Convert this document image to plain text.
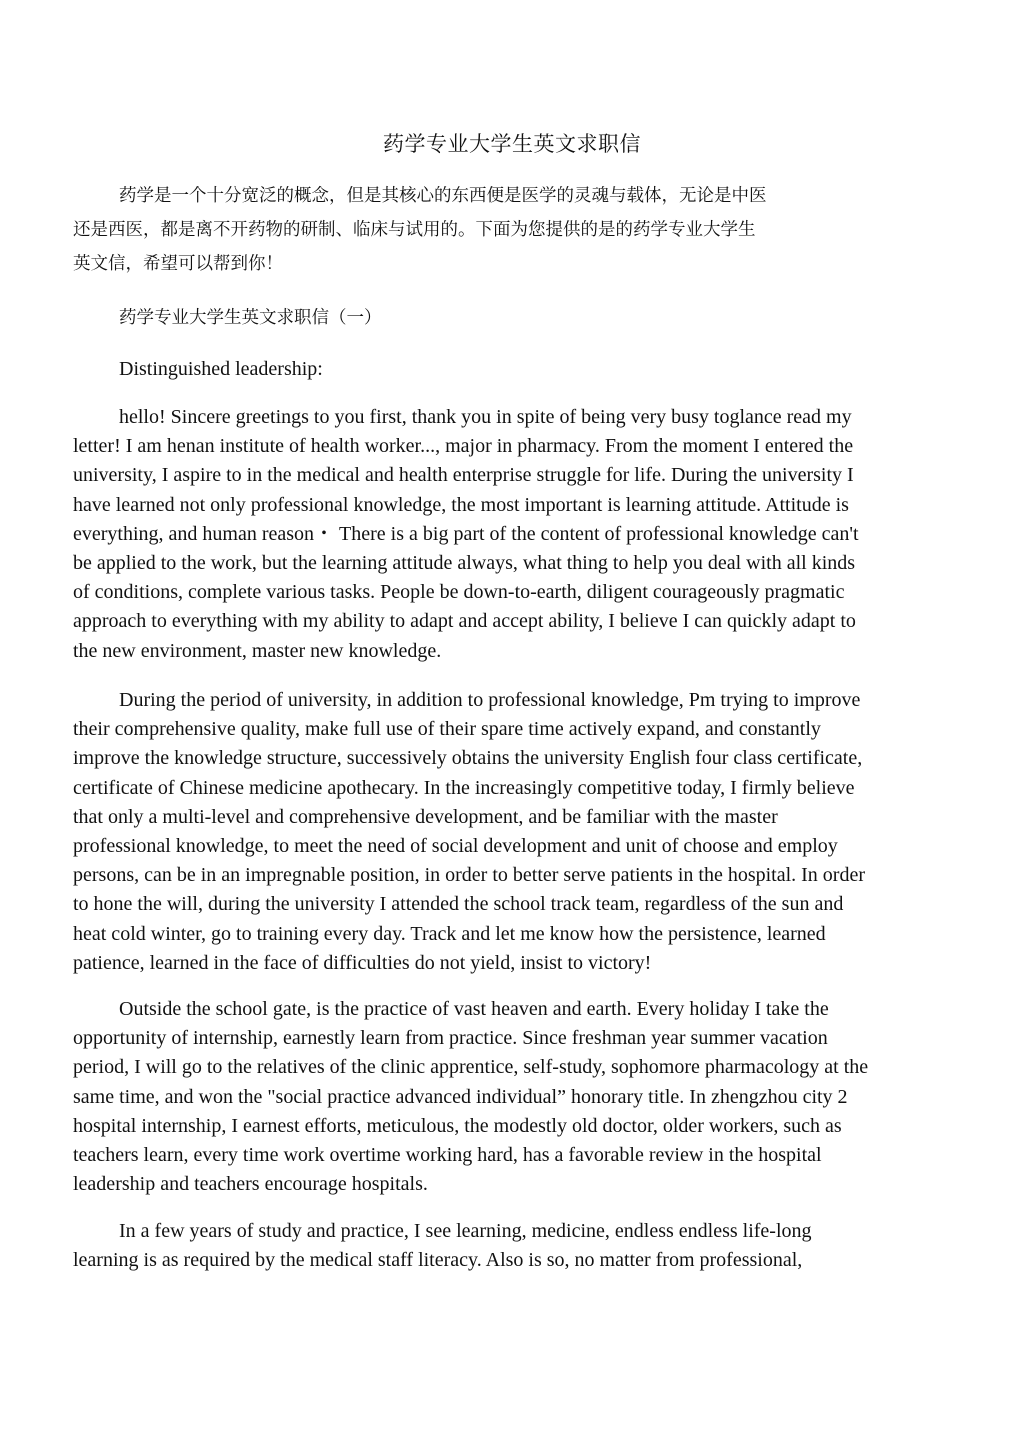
药学专业大学生英文求职信

药学是一个十分宽泛的概念，但是其核心的东西便是医学的灵魂与载体，无论是中医
还是西医，都是离不开药物的研制、临床与试用的。下面为您提供的是的药学专业大学生
英文信，希望可以帮到你！

药学专业大学生英文求职信（一）

Distinguished leadership:

hello! Sincere greetings to you first, thank you in spite of being very busy toglance read my
letter! I am henan institute of health worker..., major in pharmacy. From the moment I entered the
university, I aspire to in the medical and health enterprise struggle for life. During the university I
have learned not only professional knowledge, the most important is learning attitude. Attitude is
everything, and human reason・ There is a big part of the content of professional knowledge can't
be applied to the work, but the learning attitude always, what thing to help you deal with all kinds
of conditions, complete various tasks. People be down-to-earth, diligent courageously pragmatic
approach to everything with my ability to adapt and accept ability, I believe I can quickly adapt to
the new environment, master new knowledge.

During the period of university, in addition to professional knowledge, Pm trying to improve
their comprehensive quality, make full use of their spare time actively expand, and constantly
improve the knowledge structure, successively obtains the university English four class certificate,
certificate of Chinese medicine apothecary. In the increasingly competitive today, I firmly believe
that only a multi-level and comprehensive development, and be familiar with the master
professional knowledge, to meet the need of social development and unit of choose and employ
persons, can be in an impregnable position, in order to better serve patients in the hospital. In order
to hone the will, during the university I attended the school track team, regardless of the sun and
heat cold winter, go to training every day. Track and let me know how the persistence, learned
patience, learned in the face of difficulties do not yield, insist to victory!

Outside the school gate, is the practice of vast heaven and earth. Every holiday I take the
opportunity of internship, earnestly learn from practice. Since freshman year summer vacation
period, I will go to the relatives of the clinic apprentice, self-study, sophomore pharmacology at the
same time, and won the "social practice advanced individual” honorary title. In zhengzhou city 2
hospital internship, I earnest efforts, meticulous, the modestly old doctor, older workers, such as
teachers learn, every time work overtime working hard, has a favorable review in the hospital
leadership and teachers encourage hospitals.

In a few years of study and practice, I see learning, medicine, endless endless life-long
learning is as required by the medical staff literacy. Also is so, no matter from professional,
